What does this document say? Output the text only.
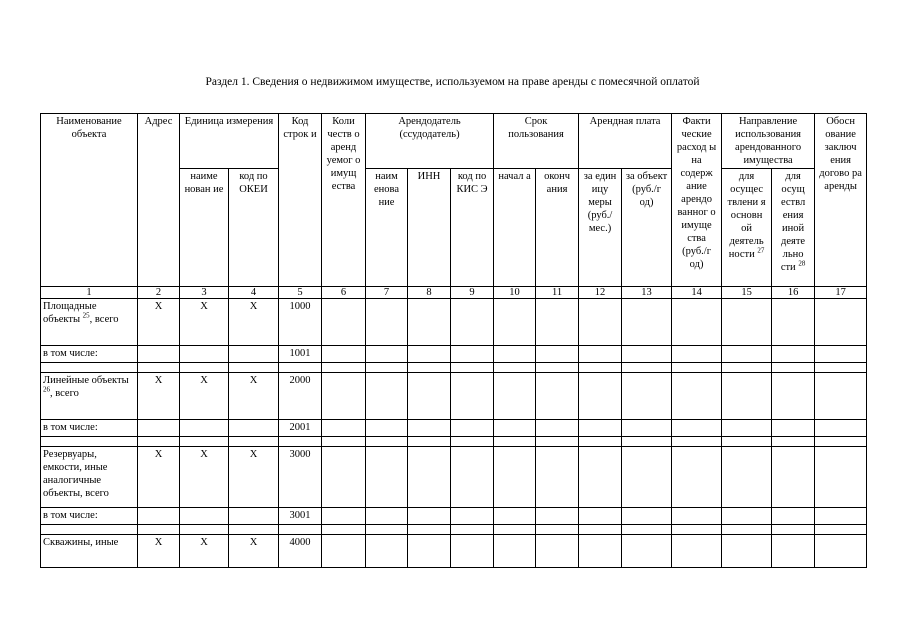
Раздел 1. Сведения о недвижимом имуществе, используемом на праве аренды с помесячной оплатой
Наименование объекта	Адрес	Единица измерения		Код строк и	Коли честв о аренд уемог о имущ ества	Арендодатель (ссудодатель)			Срок пользования		Арендная плата		Факти ческие расход ы на содерж ание арендо ванног о имуще ства (руб./г од)	Направление использования арендованного имущества		Обосн ование заключ ения догово ра аренды
		наиме нован ие	код по ОКЕИ			наим енова ние	ИНН	код по КИС Э	начал а	оконч ания	за един ицу меры (руб./ мес.)	за объект (руб./г од)		для осущес твлени я основн ой деятель ности $^{27}$	для осущ ествл ения иной деяте льно сти $^{28}$
1	2	3	4	5	6	7	8	9	10	11	12	13	14	15	16	17
Площадные объекты $^{25}$, всего	X	X	X	1000												
в том числе:				1001												

Линейные объекты $^{26}$, всего	X	X	X	2000												
в том числе:				2001												

Резервуары, емкости, иные аналогичные объекты, всего	X	X	X	3000												
в том числе:				3001												

Скважины, иные	X	X	X	4000												
